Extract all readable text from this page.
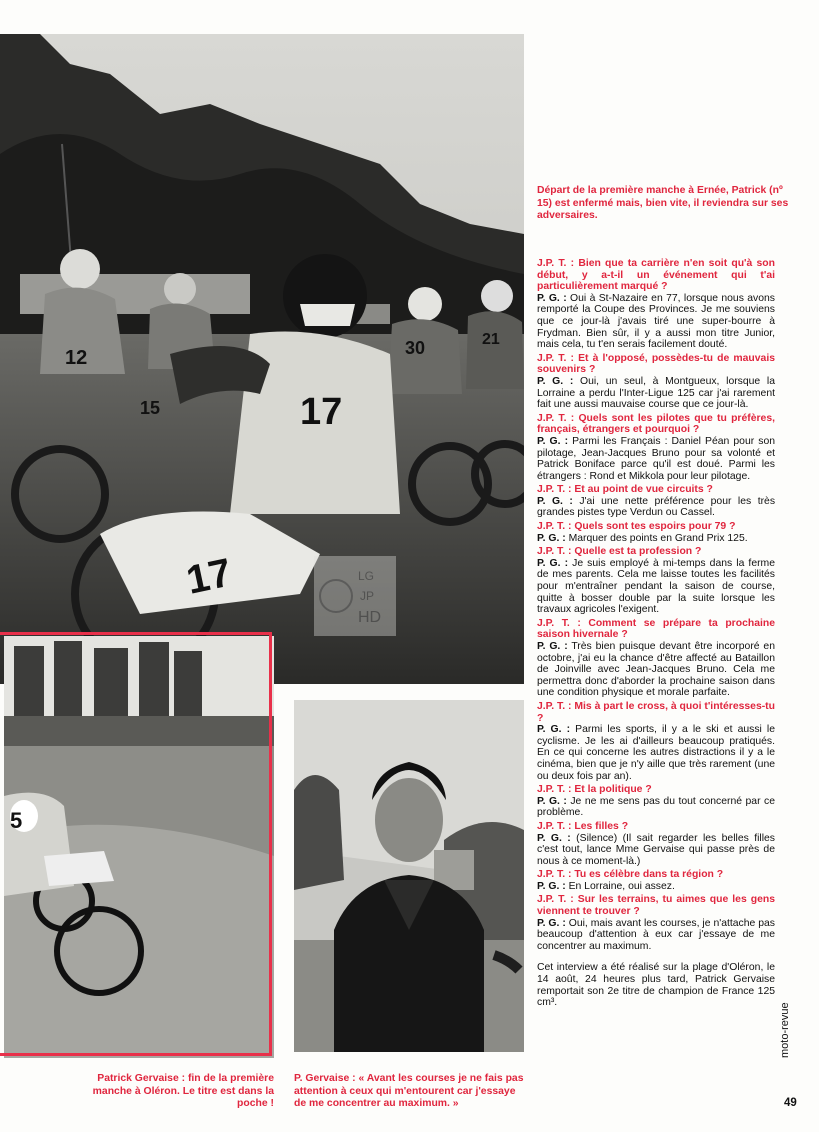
17
12
15
30	21
17
5
LG
JP
HD
Départ de la première manche à Ernée, Patrick (nº 15) est enfermé mais, bien vite, il reviendra sur ses adversaires.
Patrick Gervaise : fin de la première manche à Oléron. Le titre est dans la poche !
P. Gervaise : « Avant les courses je ne fais pas attention à ceux qui m'entourent car j'essaye de me concentrer au maximum. »

J.P. T. : Bien que ta carrière n'en soit qu'à son début, y a-t-il un événement qui t'ai particulièrement marqué ?

P. G. : Oui à St-Nazaire en 77, lorsque nous avons remporté la Coupe des Provinces. Je me souviens que ce jour-là j'avais tiré une super-bourre à Frydman. Bien sûr, il y a aussi mon titre Junior, mais cela, tu t'en serais facilement douté.

J.P. T. : Et à l'opposé, possèdes-tu de mauvais souvenirs ?

P. G. : Oui, un seul, à Montgueux, lorsque la Lorraine a perdu l'Inter-Ligue 125 car j'ai rarement fait une aussi mauvaise course que ce jour-là.

J.P. T. : Quels sont les pilotes que tu préfères, français, étrangers et pourquoi ?

P. G. : Parmi les Français : Daniel Péan pour son pilotage, Jean-Jacques Bruno pour sa volonté et Patrick Boniface parce qu'il est doué. Parmi les étrangers : Rond et Mikkola pour leur pilotage.

J.P. T. : Et au point de vue circuits ?

P. G. : J'ai une nette préférence pour les très grandes pistes type Verdun ou Cassel.

J.P. T. : Quels sont tes espoirs pour 79 ?

P. G. : Marquer des points en Grand Prix 125.

J.P. T. : Quelle est ta profession ?

P. G. : Je suis employé à mi-temps dans la ferme de mes parents. Cela me laisse toutes les facilités pour m'entraîner pendant la saison de course, quitte à bosser double par la suite lorsque les travaux agricoles l'exigent.

J.P. T. : Comment se prépare ta prochaine saison hivernale ?

P. G. : Très bien puisque devant être incorporé en octobre, j'ai eu la chance d'être affecté au Bataillon de Joinville avec Jean-Jacques Bruno. Cela me permettra donc d'aborder la prochaine saison dans une condition physique et morale parfaite.

J.P. T. : Mis à part le cross, à quoi t'intéresses-tu ?

P. G. : Parmi les sports, il y a le ski et aussi le cyclisme. Je les ai d'ailleurs beaucoup pratiqués. En ce qui concerne les autres distractions il y a le cinéma, bien que je n'y aille que très rarement (une ou deux fois par an).

J.P. T. : Et la politique ?

P. G. : Je ne me sens pas du tout concerné par ce problème.

J.P. T. : Les filles ?

P. G. : (Silence) (Il sait regarder les belles filles c'est tout, lance Mme Gervaise qui passe près de nous à ce moment-là.)

J.P. T. : Tu es célèbre dans ta région ?

P. G. : En Lorraine, oui assez.

J.P. T. : Sur les terrains, tu aimes que les gens viennent te trouver ?

P. G. : Oui, mais avant les courses, je n'attache pas beaucoup d'attention à eux car j'essaye de me concentrer au maximum.

Cet interview a été réalisé sur la plage d'Oléron, le 14 août, 24 heures plus tard, Patrick Gervaise remportait son 2e titre de champion de France 125 cm³.	moto-revue
49
